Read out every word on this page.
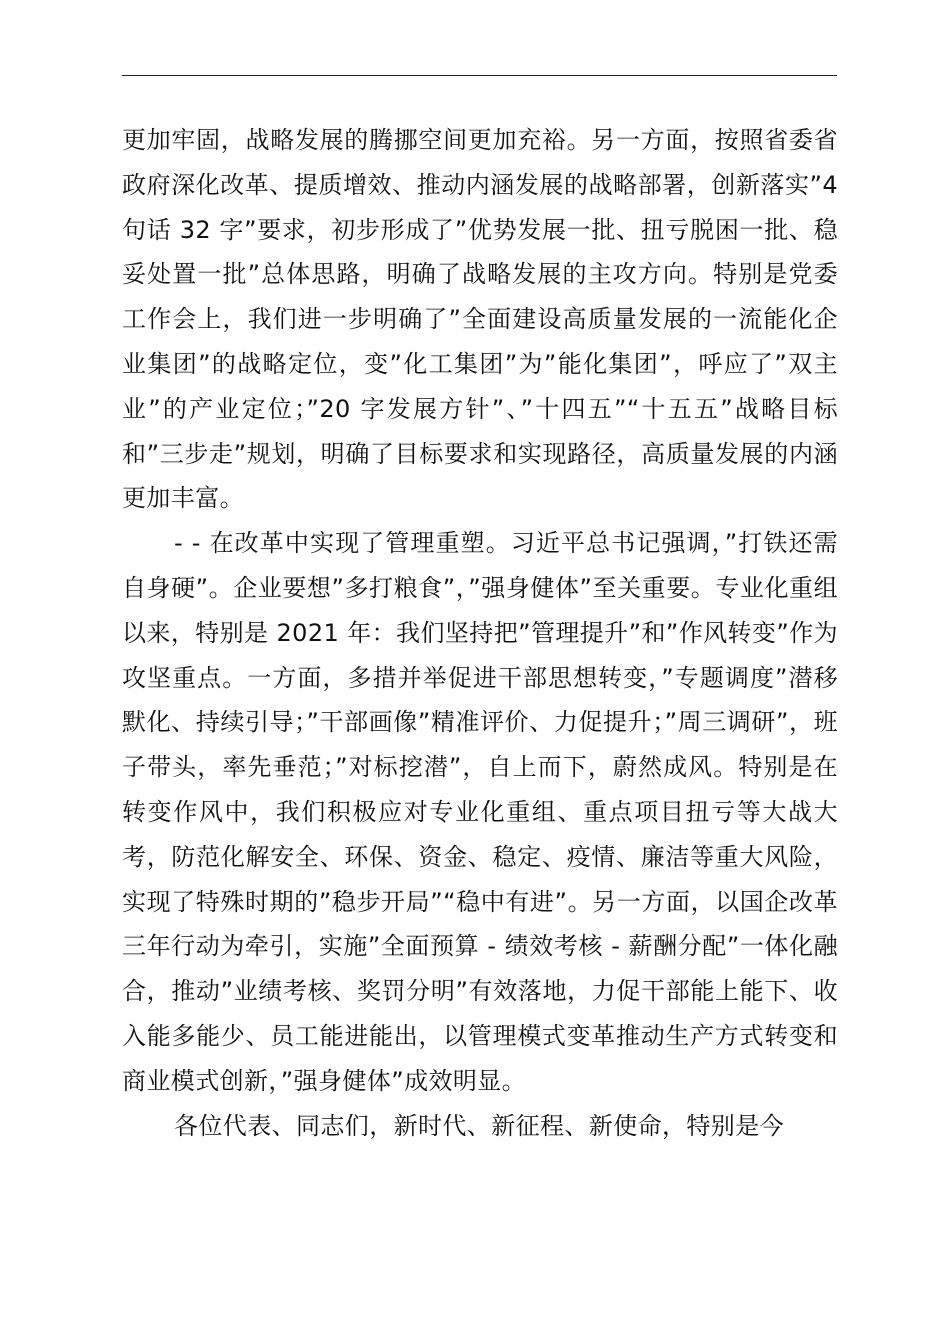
更加牢固，战略发展的腾挪空间更加充裕。另一方面，按照省委省政府深化改革、提质增效、推动内涵发展的战略部署，创新落实”4 句话 32 字”要求，初步形成了”优势发展一批、扭亏脱困一批、稳妥处置一批”总体思路，明确了战略发展的主攻方向。特别是党委工作会上，我们进一步明确了”全面建设高质量发展的一流能化企业集团”的战略定位，变”化工集团”为”能化集团”，呼应了”双主业”的产业定位；”20 字发展方针”、”十四五”“十五五”战略目标和”三步走”规划，明确了目标要求和实现路径，高质量发展的内涵更加丰富。

- - 在改革中实现了管理重塑。习近平总书记强调，”打铁还需自身硬”。企业要想”多打粮食”，”强身健体”至关重要。专业化重组以来，特别是 2021 年：我们坚持把”管理提升”和”作风转变”作为攻坚重点。一方面，多措并举促进干部思想转变，”专题调度”潜移默化、持续引导；”干部画像”精准评价、力促提升；”周三调研”，班子带头，率先垂范；”对标挖潜”，自上而下，蔚然成风。特别是在转变作风中，我们积极应对专业化重组、重点项目扭亏等大战大考，防范化解安全、环保、资金、稳定、疫情、廉洁等重大风险，实现了特殊时期的”稳步开局”“稳中有进”。另一方面，以国企改革三年行动为牵引，实施”全面预算 - 绩效考核 - 薪酬分配”一体化融合，推动”业绩考核、奖罚分明”有效落地，力促干部能上能下、收入能多能少、员工能进能出，以管理模式变革推动生产方式转变和商业模式创新，”强身健体”成效明显。

各位代表、同志们，新时代、新征程、新使命，特别是今
